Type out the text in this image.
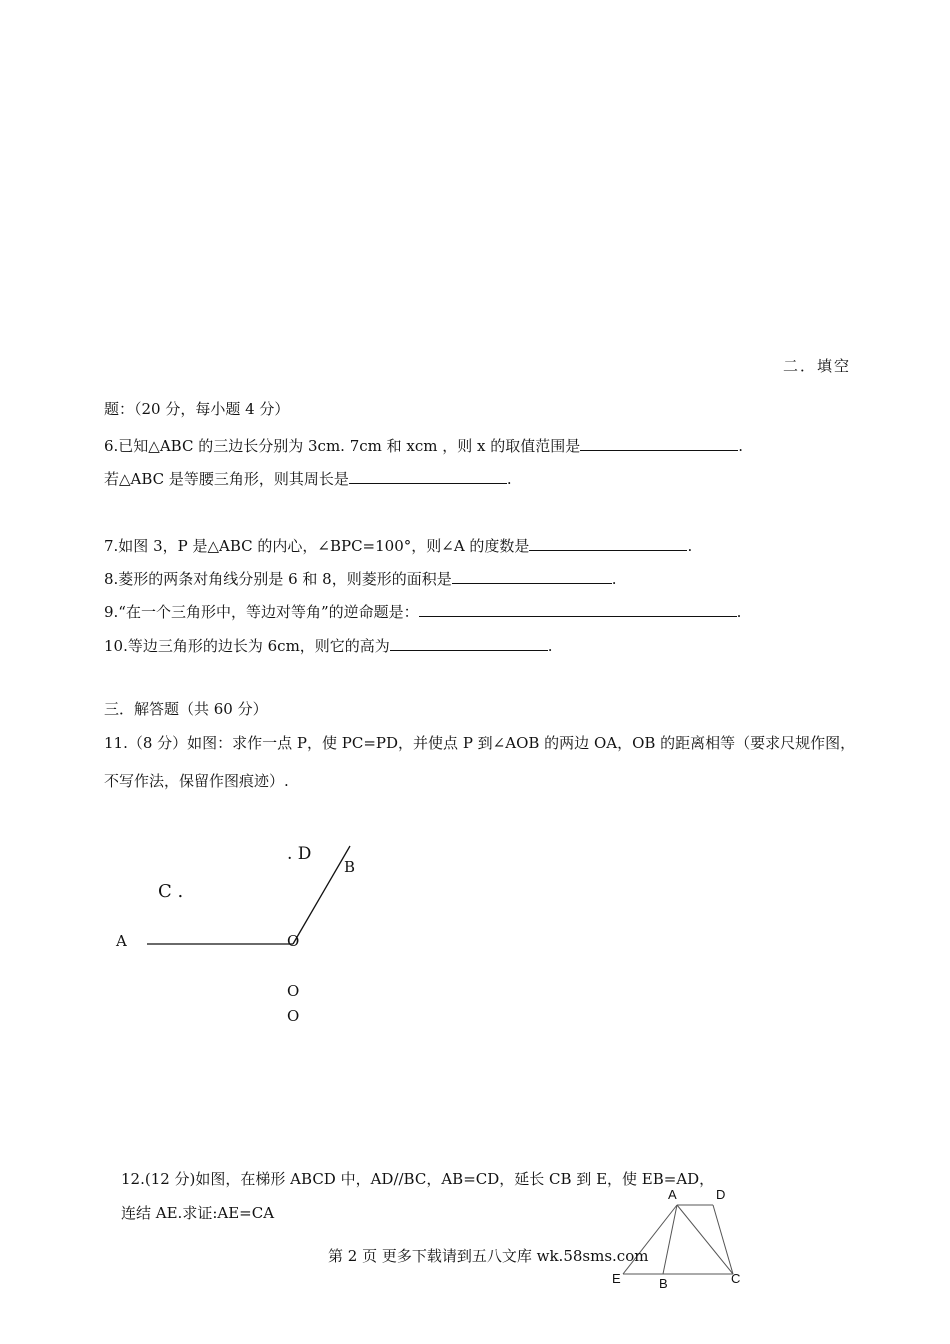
二．填空
题：（20 分，每小题 4 分）
6.已知△ABC 的三边长分别为 3cm. 7cm 和 xcm ，则 x 的取值范围是	.
若△ABC 是等腰三角形，则其周长是	.
7.如图 3，P 是△ABC 的内心，∠BPC=100°，则∠A 的度数是	.
8.菱形的两条对角线分别是 6 和 8，则菱形的面积是	.
9.“在一个三角形中，等边对等角”的逆命题是：	.
10.等边三角形的边长为 6cm，则它的高为	.
三．解答题（共 60 分）
11.（8 分）如图：求作一点 P，使 PC=PD，并使点 P 到∠AOB 的两边 OA，OB 的距离相等（要求尺规作图，
不写作法，保留作图痕迹）.
. D
B
C .
A	O
O
O
12.(12 分)如图，在梯形 ABCD 中，AD//BC，AB=CD，延长 CB 到 E，使 EB=AD，
连结 AE.求证:AE=CA
A	D
E	B	C
第 2 页 更多下载请到五八文库 wk.58sms.com
